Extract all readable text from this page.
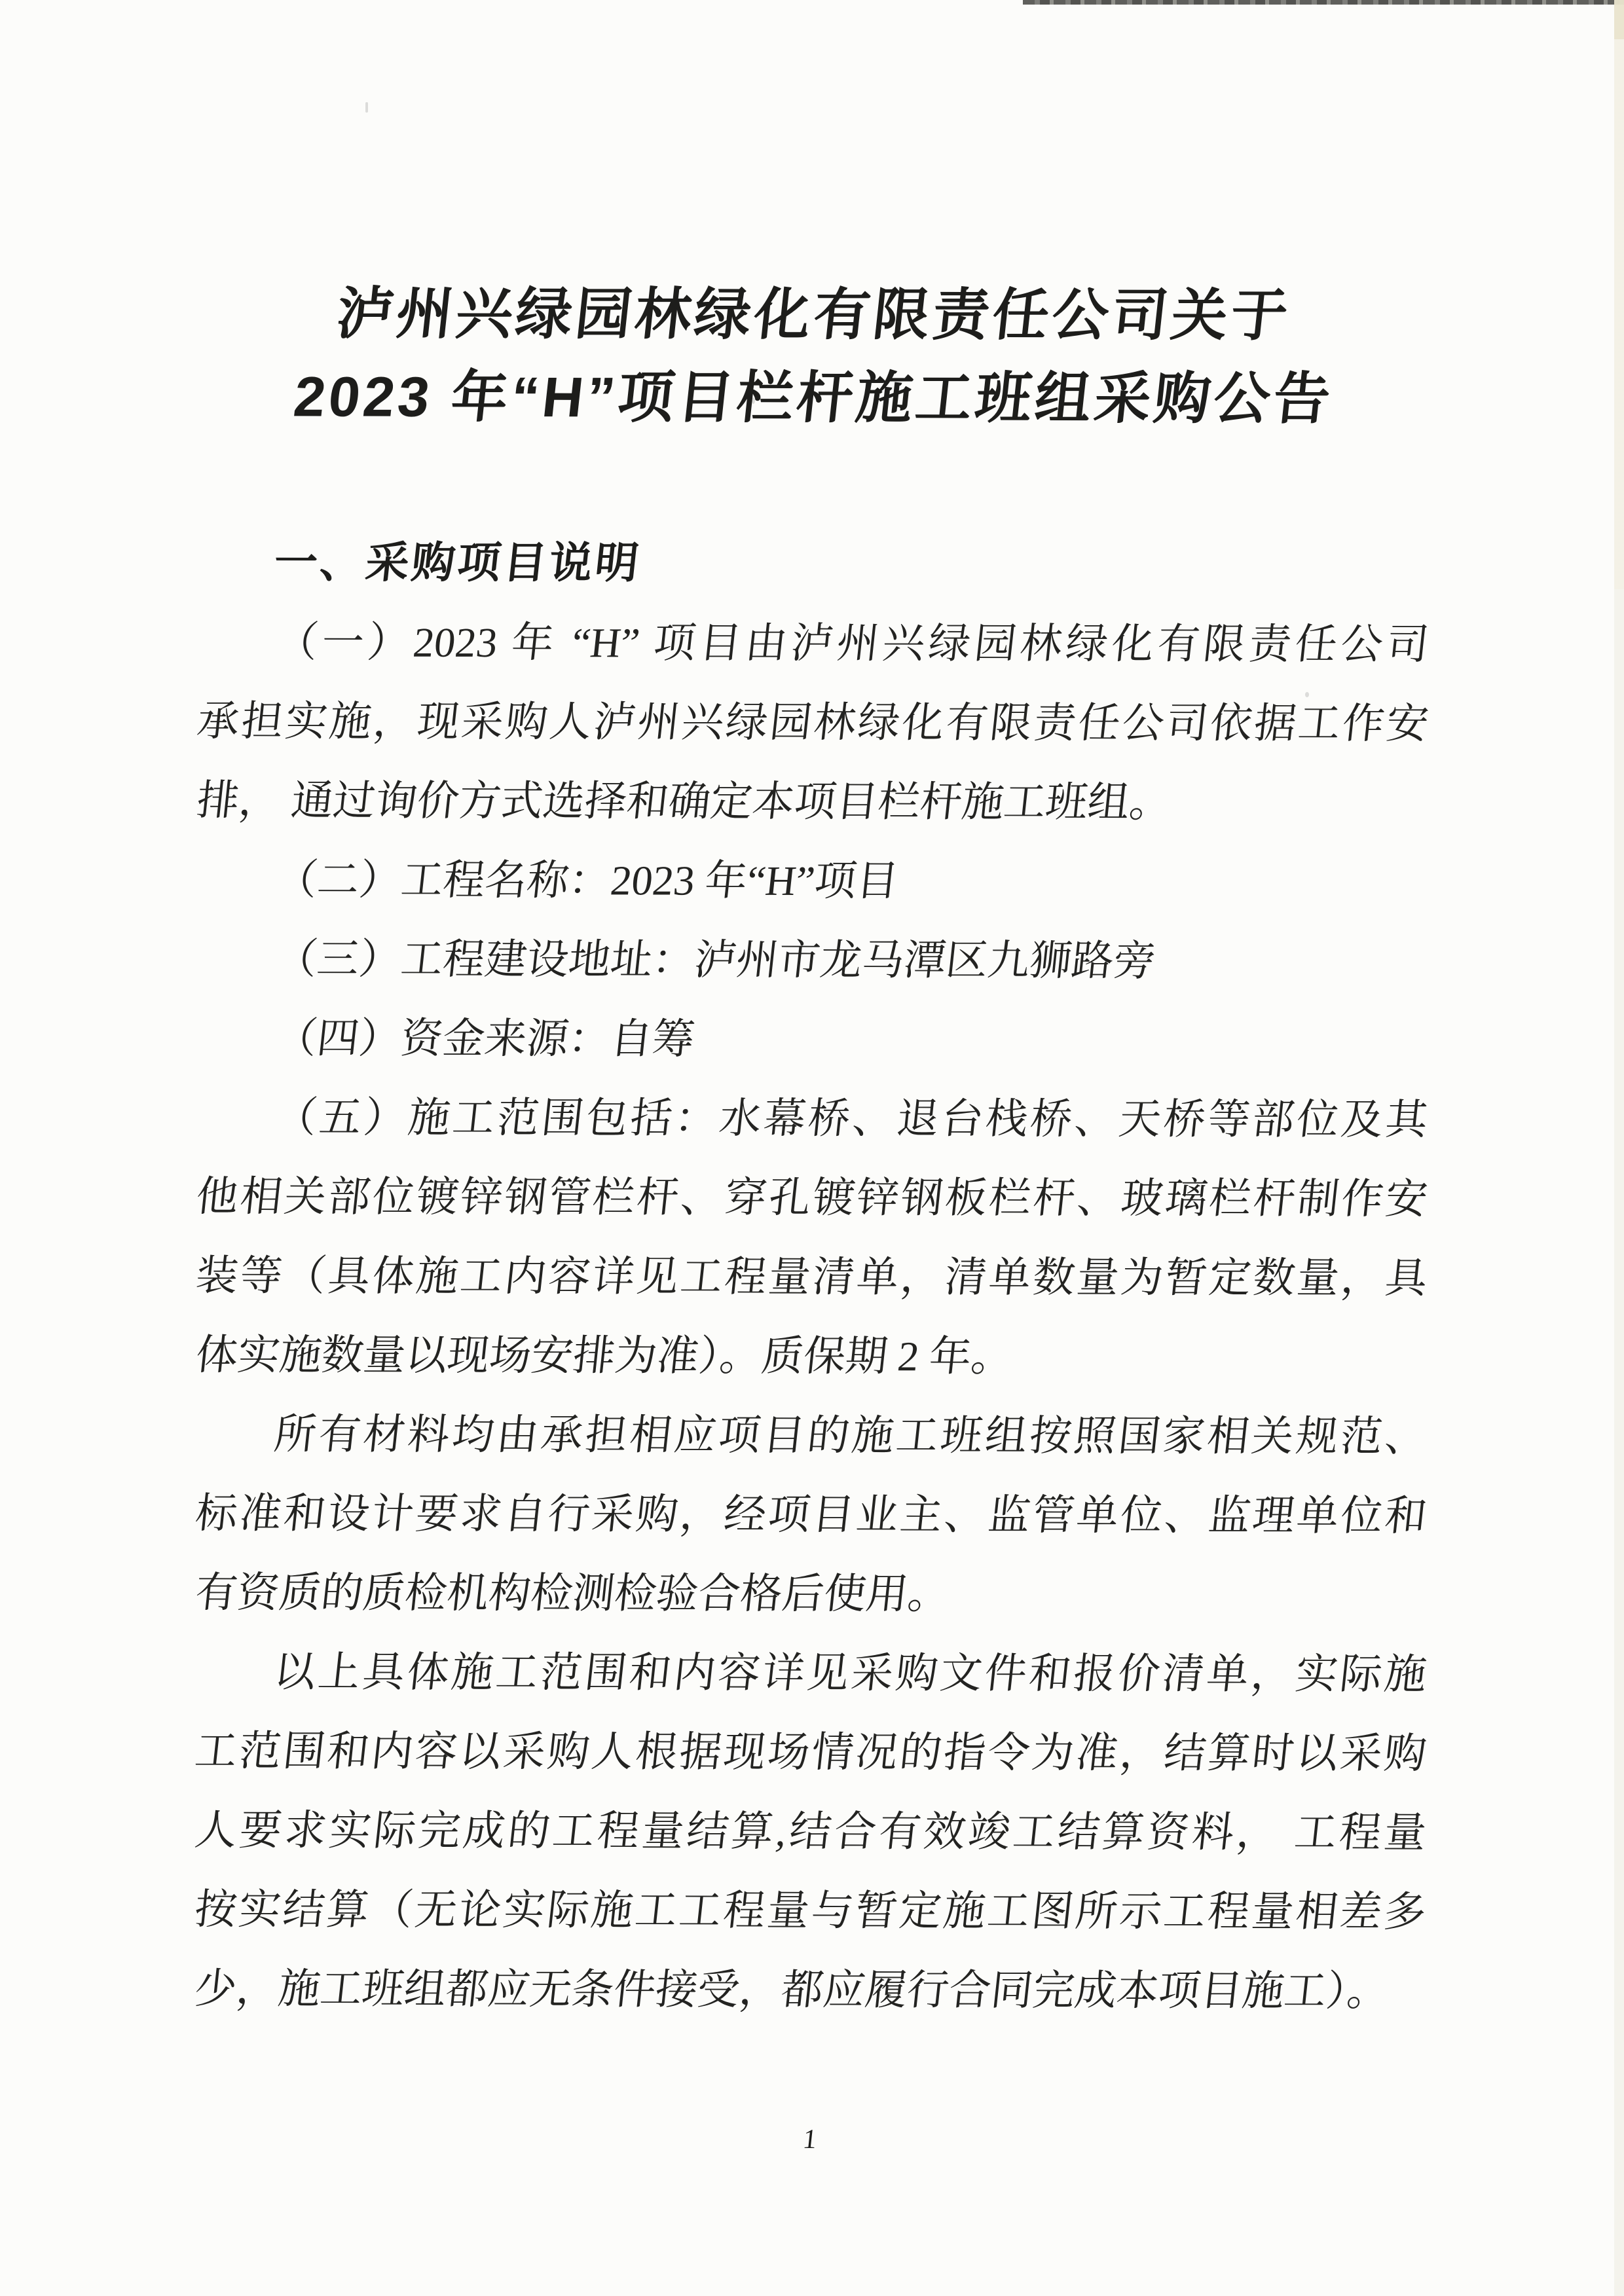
泸州兴绿园林绿化有限责任公司关于
2023 年“H”项目栏杆施工班组采购公告
一、采购项目说明
（一）2023 年 “H” 项目由泸州兴绿园林绿化有限责任公司
承担实施，现采购人泸州兴绿园林绿化有限责任公司依据工作安
排， 通过询价方式选择和确定本项目栏杆施工班组。
（二）工程名称：2023 年“H”项目
（三）工程建设地址：泸州市龙马潭区九狮路旁
（四）资金来源：自筹
（五）施工范围包括：水幕桥、退台栈桥、天桥等部位及其
他相关部位镀锌钢管栏杆、穿孔镀锌钢板栏杆、玻璃栏杆制作安
装等（具体施工内容详见工程量清单，清单数量为暂定数量，具
体实施数量以现场安排为准）。质保期 2 年。
所有材料均由承担相应项目的施工班组按照国家相关规范、
标准和设计要求自行采购，经项目业主、监管单位、监理单位和
有资质的质检机构检测检验合格后使用。
以上具体施工范围和内容详见采购文件和报价清单，实际施
工范围和内容以采购人根据现场情况的指令为准，结算时以采购
人要求实际完成的工程量结算,结合有效竣工结算资料， 工程量
按实结算（无论实际施工工程量与暂定施工图所示工程量相差多
少，施工班组都应无条件接受，都应履行合同完成本项目施工）。
1
